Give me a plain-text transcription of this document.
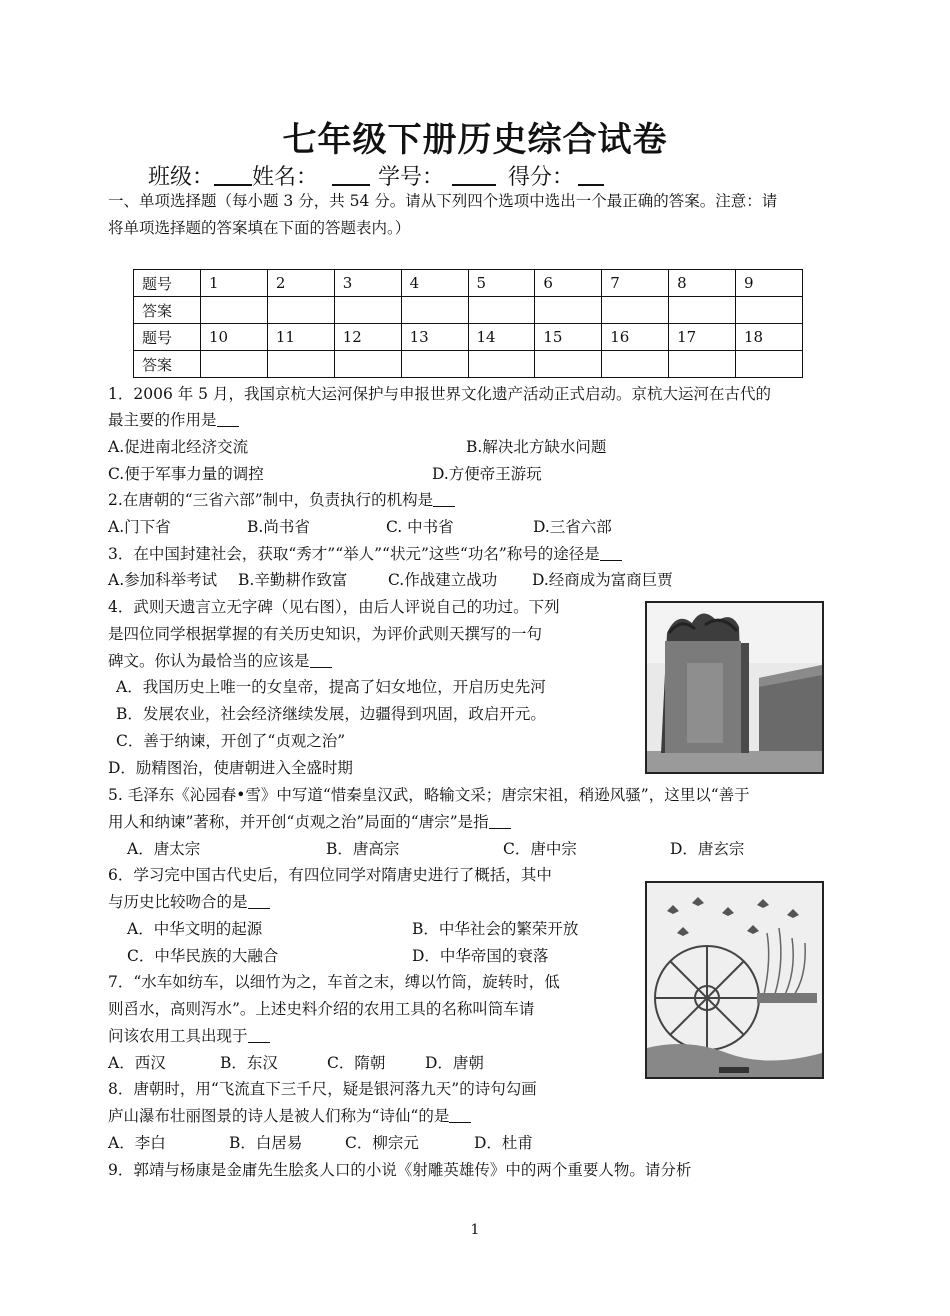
七年级下册历史综合试卷
班级： 姓名：	学号：	得分：
一、单项选择题（每小题 3 分，共 54 分。请从下列四个选项中选出一个最正确的答案。注意：请
将单项选择题的答案填在下面的答题表内。）
题号	1	2	3	4	5	6	7	8	9
答案									
题号	10	11	12	13	14	15	16	17	18
答案									
1．2006 年 5 月，我国京杭大运河保护与申报世界文化遗产活动正式启动。京杭大运河在古代的
最主要的作用是
A.促进南北经济交流	B.解决北方缺水问题
C.便于军事力量的调控	D.方便帝王游玩
2.在唐朝的“三省六部”制中，负责执行的机构是
A.门下省	B.尚书省	C. 中书省	D.三省六部
3．在中国封建社会，获取“秀才”“举人”“状元”这些“功名”称号的途径是
A.参加科举考试 B.辛勤耕作致富	C.作战建立战功 D.经商成为富商巨贾
4．武则天遗言立无字碑（见右图），由后人评说自己的功过。下列
是四位同学根据掌握的有关历史知识，为评价武则天撰写的一句
碑文。你认为最恰当的应该是
A．我国历史上唯一的女皇帝，提高了妇女地位，开启历史先河
B．发展农业，社会经济继续发展，边疆得到巩固，政启开元。
C．善于纳谏，开创了“贞观之治”
D．励精图治，使唐朝进入全盛时期
5. 毛泽东《沁园春•雪》中写道“惜秦皇汉武，略输文采；唐宗宋祖，稍逊风骚”，这里以“善于
用人和纳谏”著称，并开创“贞观之治”局面的“唐宗”是指
A．唐太宗	B．唐高宗	C．唐中宗	D．唐玄宗
6．学习完中国古代史后，有四位同学对隋唐史进行了概括，其中
与历史比较吻合的是
A．中华文明的起源	B．中华社会的繁荣开放
C．中华民族的大融合	D．中华帝国的衰落
7．“水车如纺车，以细竹为之，车首之末，缚以竹筒，旋转时，低
则舀水，高则泻水”。上述史料介绍的农用工具的名称叫筒车请
问该农用工具出现于
A．西汉	B．东汉	C．隋朝	D．唐朝
8．唐朝时，用“飞流直下三千尺，疑是银河落九天”的诗句勾画
庐山瀑布壮丽图景的诗人是被人们称为“诗仙“的是
A．李白	B．白居易	C．柳宗元	D．杜甫
9．郭靖与杨康是金庸先生脍炙人口的小说《射雕英雄传》中的两个重要人物。请分析
1
